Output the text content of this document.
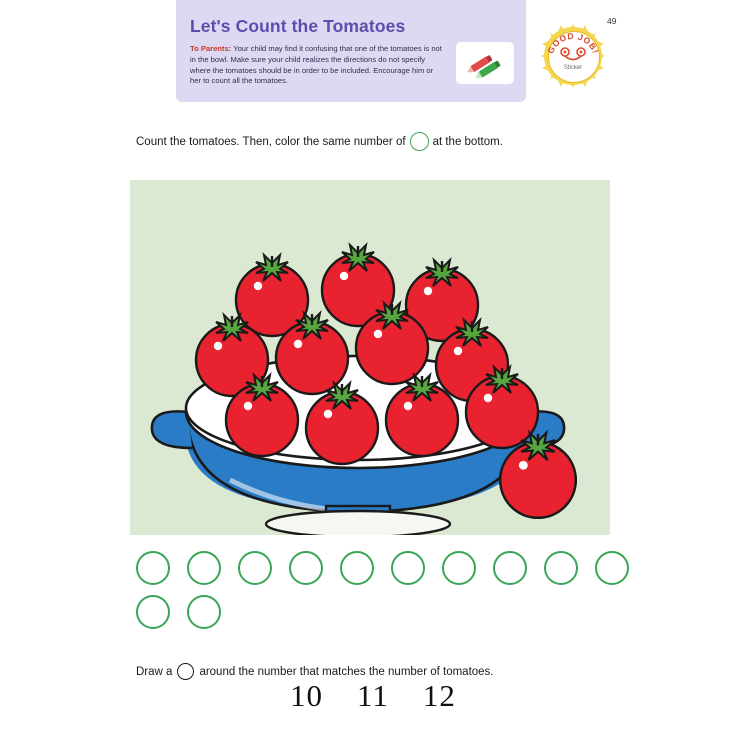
Let's Count the Tomatoes
To Parents: Your child may find it confusing that one of the tomatoes is not in the bowl. Make sure your child realizes the directions do not specify where the tomatoes should be in order to be included. Encourage him or her to count all the tomatoes.
GOOD JOB!
Sticker
49
Count the tomatoes. Then, color the same number of at the bottom.
Draw a around the number that matches the number of tomatoes.
10 11 12
